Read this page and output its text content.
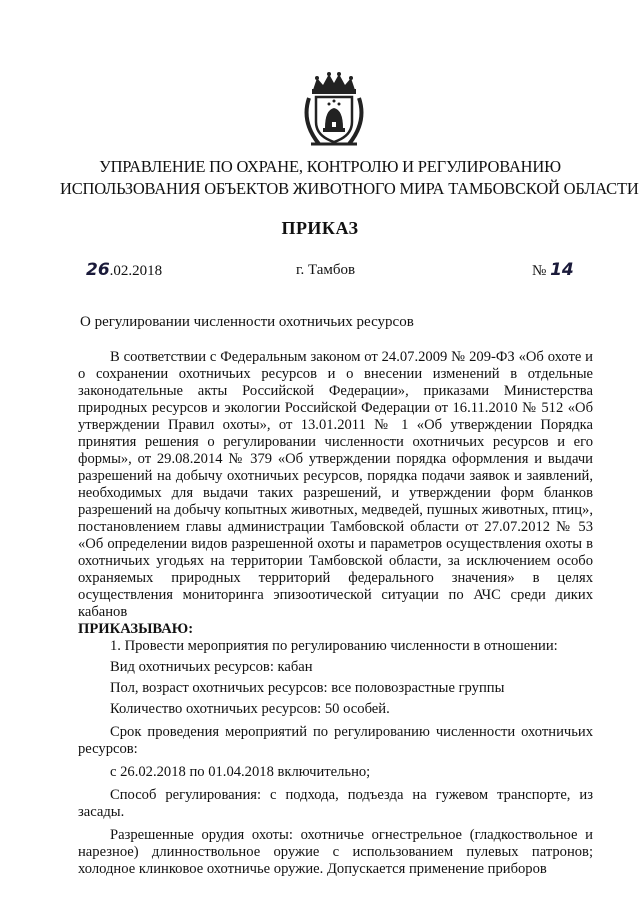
УПРАВЛЕНИЕ ПО ОХРАНЕ, КОНТРОЛЮ И РЕГУЛИРОВАНИЮ
ИСПОЛЬЗОВАНИЯ ОБЪЕКТОВ ЖИВОТНОГО МИРА ТАМБОВСКОЙ ОБЛАСТИ
ПРИКАЗ
26.02.2018	г. Тамбов	№ 14
О регулировании численности охотничьих ресурсов

В соответствии с Федеральным законом от 24.07.2009 № 209-ФЗ «Об охоте и о сохранении охотничьих ресурсов и о внесении изменений в отдельные законодательные акты Российской Федерации», приказами Министерства природных ресурсов и экологии Российской Федерации от 16.11.2010 № 512 «Об утверждении Правил охоты», от 13.01.2011 № 1 «Об утверждении Порядка принятия решения о регулировании численности охотничьих ресурсов и его формы», от 29.08.2014 № 379 «Об утверждении порядка оформления и выдачи разрешений на добычу охотничьих ресурсов, порядка подачи заявок и заявлений, необходимых для выдачи таких разрешений, и утверждении форм бланков разрешений на добычу копытных животных, медведей, пушных животных, птиц», постановлением главы администрации Тамбовской области от 27.07.2012 № 53 «Об определении видов разрешенной охоты и параметров осуществления охоты в охотничьих угодьях на территории Тамбовской области, за исключением особо охраняемых природных территорий федерального значения» в целях осуществления мониторинга эпизоотической ситуации по АЧС среди диких кабанов

ПРИКАЗЫВАЮ:

1. Провести мероприятия по регулированию численности в отношении:

Вид охотничьих ресурсов: кабан

Пол, возраст охотничьих ресурсов: все половозрастные группы

Количество охотничьих ресурсов: 50 особей.

Срок проведения мероприятий по регулированию численности охотничьих ресурсов:

с 26.02.2018 по 01.04.2018 включительно;

Способ регулирования: с подхода, подъезда на гужевом транспорте, из засады.

Разрешенные орудия охоты: охотничье огнестрельное (гладкоствольное и нарезное) длинноствольное оружие с использованием пулевых патронов; холодное клинковое охотничье оружие. Допускается применение приборов
